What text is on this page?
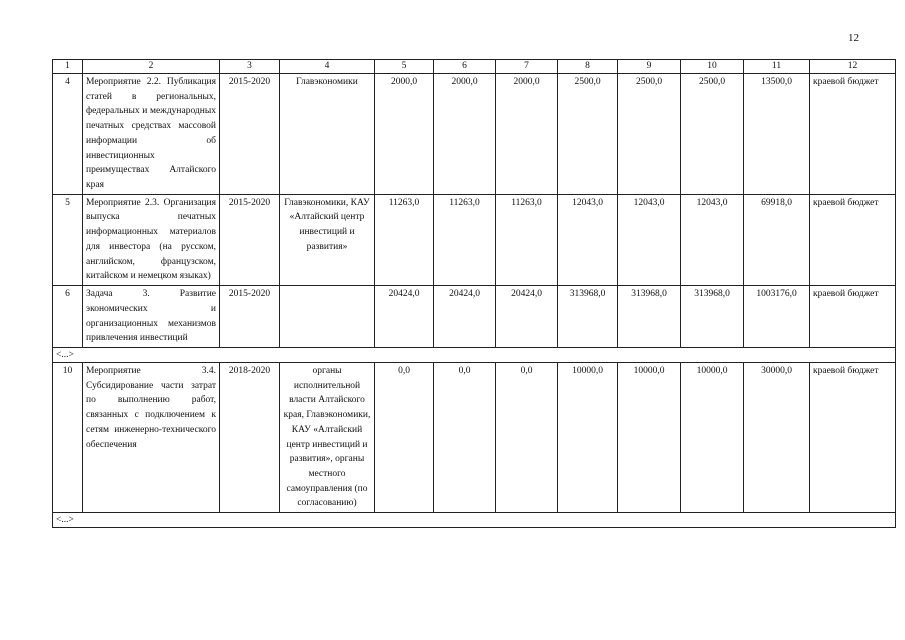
12
1	2	3	4	5	6	7	8	9	10	11	12
4	Мероприятие 2.2. Публикация статей в региональных, федеральных и международных печатных средствах массовой информации об инвестиционных преимуществах Алтайского края	2015-2020	Главэкономики	2000,0	2000,0	2000,0	2500,0	2500,0	2500,0	13500,0	краевой бюджет
5	Мероприятие 2.3. Организация выпуска печатных информационных материалов для инвестора (на русском, английском, французском, китайском и немецком языках)	2015-2020	Главэкономики, КАУ «Алтайский центр инвестиций и развития»	11263,0	11263,0	11263,0	12043,0	12043,0	12043,0	69918,0	краевой бюджет
6	Задача 3. Развитие экономических и организационных механизмов привлечения инвестиций	2015-2020		20424,0	20424,0	20424,0	313968,0	313968,0	313968,0	1003176,0	краевой бюджет
<...>											
10	Мероприятие 3.4. Субсидирование части затрат по выполнению работ, связанных с подключением к сетям инженерно-технического обеспечения	2018-2020	органы исполнительной власти Алтайского края, Главэкономики, КАУ «Алтайский центр инвестиций и развития», органы местного самоуправления (по согласованию)	0,0	0,0	0,0	10000,0	10000,0	10000,0	30000,0	краевой бюджет
<...>											
